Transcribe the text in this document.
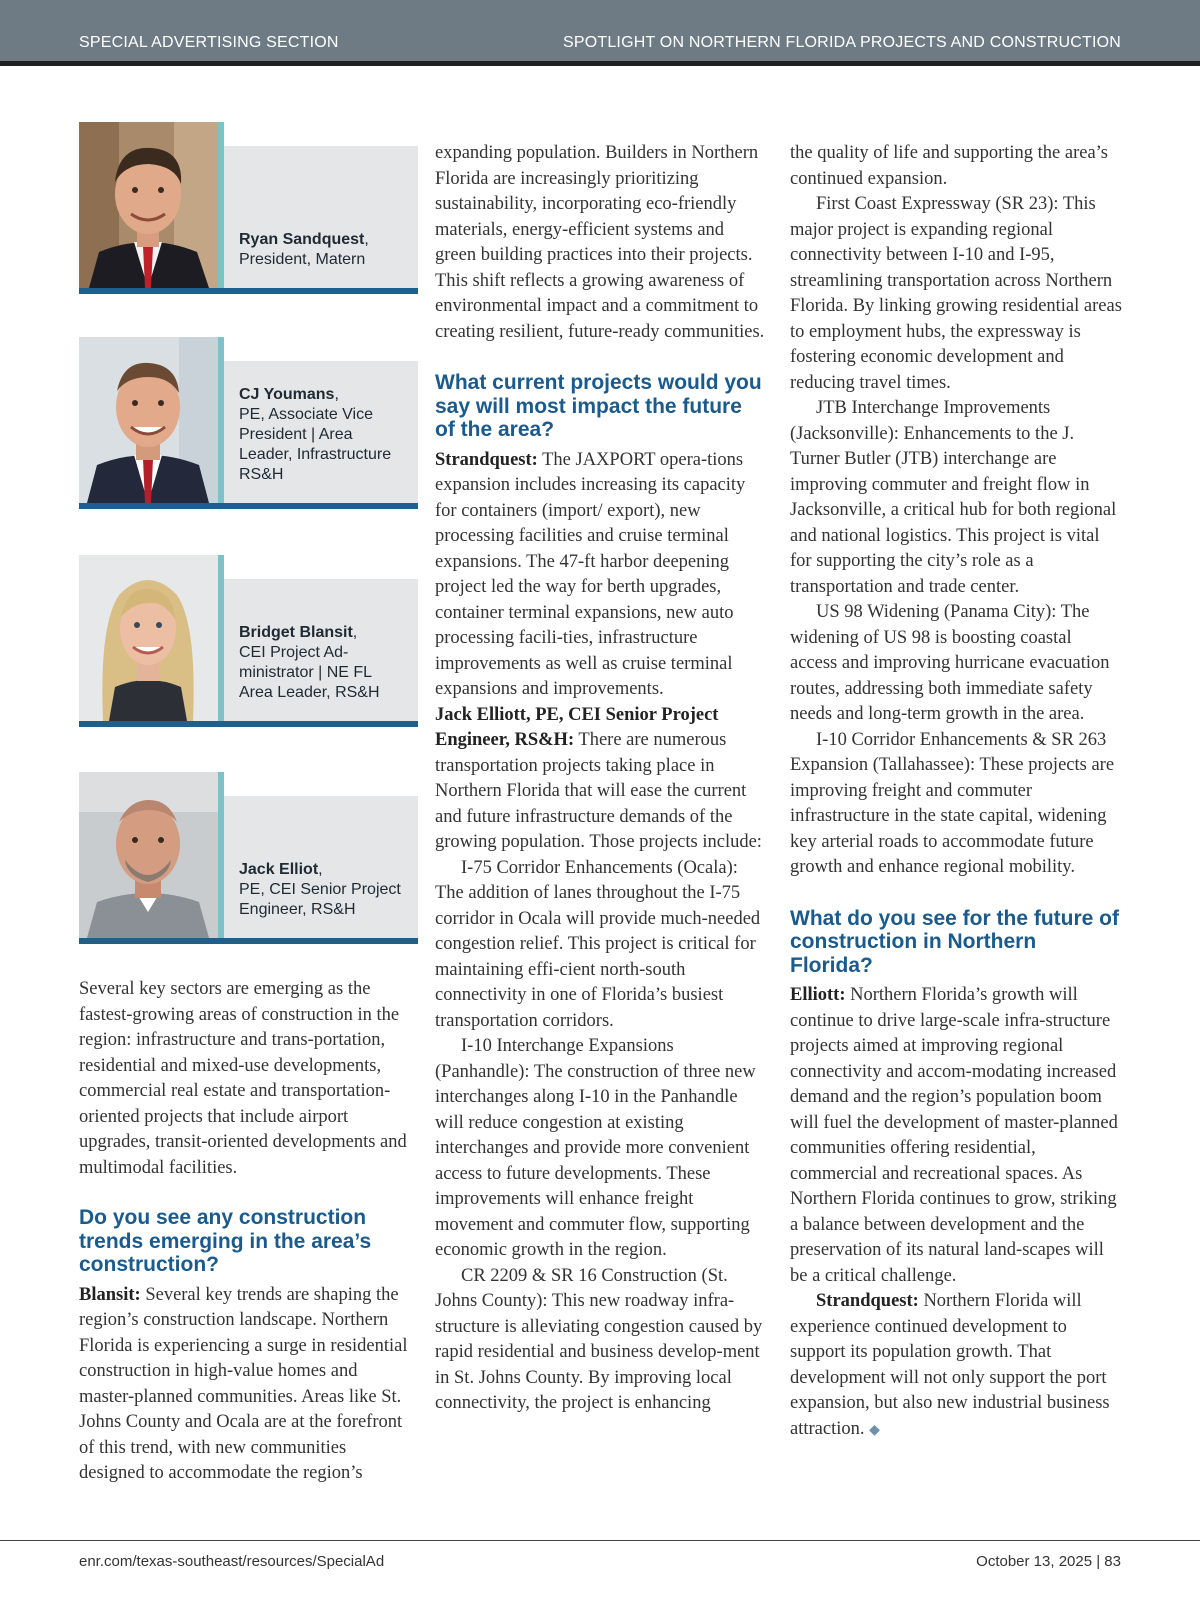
SPECIAL ADVERTISING SECTION	SPOTLIGHT ON NORTHERN FLORIDA PROJECTS AND CONSTRUCTION
Ryan Sandquest,
President, Matern
CJ Youmans,
PE, Associate Vice
President | Area
Leader, Infrastructure
RS&H
Bridget Blansit,
CEI Project Ad-
ministrator | NE FL
Area Leader, RS&H
Jack Elliot,
PE, CEI Senior Project
Engineer, RS&H

Several key sectors are emerging as the fastest-growing areas of construction in the region: infrastructure and trans-portation, residential and mixed-use developments, commercial real estate and transportation-oriented projects that include airport upgrades, transit-oriented developments and multimodal facilities.

Do you see any construction trends emerging in the area’s construction?

Blansit: Several key trends are shaping the region’s construction landscape. Northern Florida is experiencing a surge in residential construction in high-value homes and master-planned communities. Areas like St. Johns County and Ocala are at the forefront of this trend, with new communities designed to accommodate the region’s

expanding population. Builders in Northern Florida are increasingly prioritizing sustainability, incorporating eco-friendly materials, energy-efficient systems and green building practices into their projects. This shift reflects a growing awareness of environmental impact and a commitment to creating resilient, future-ready communities.

What current projects would you say will most impact the future of the area?

Strandquest: The JAXPORT opera-tions expansion includes increasing its capacity for containers (import/ export), new processing facilities and cruise terminal expansions. The 47-ft harbor deepening project led the way for berth upgrades, container terminal expansions, new auto processing facili-ties, infrastructure improvements as well as cruise terminal expansions and improvements.

Jack Elliott, PE, CEI Senior Project Engineer, RS&H: There are numerous transportation projects taking place in Northern Florida that will ease the current and future infrastructure demands of the growing population. Those projects include:

I-75 Corridor Enhancements (Ocala): The addition of lanes throughout the I-75 corridor in Ocala will provide much-needed congestion relief. This project is critical for maintaining effi-cient north-south connectivity in one of Florida’s busiest transportation corridors.

I-10 Interchange Expansions (Panhandle): The construction of three new interchanges along I-10 in the Panhandle will reduce congestion at existing interchanges and provide more convenient access to future developments. These improvements will enhance freight movement and commuter flow, supporting economic growth in the region.

CR 2209 & SR 16 Construction (St. Johns County): This new roadway infra-structure is alleviating congestion caused by rapid residential and business develop-ment in St. Johns County. By improving local connectivity, the project is enhancing

the quality of life and supporting the area’s continued expansion.

First Coast Expressway (SR 23): This major project is expanding regional connectivity between I-10 and I-95, streamlining transportation across Northern Florida. By linking growing residential areas to employment hubs, the expressway is fostering economic development and reducing travel times.

JTB Interchange Improvements (Jacksonville): Enhancements to the J. Turner Butler (JTB) interchange are improving commuter and freight flow in Jacksonville, a critical hub for both regional and national logistics. This project is vital for supporting the city’s role as a transportation and trade center.

US 98 Widening (Panama City): The widening of US 98 is boosting coastal access and improving hurricane evacuation routes, addressing both immediate safety needs and long-term growth in the area.

I-10 Corridor Enhancements & SR 263 Expansion (Tallahassee): These projects are improving freight and commuter infrastructure in the state capital, widening key arterial roads to accommodate future growth and enhance regional mobility.

What do you see for the future of construction in Northern Florida?

Elliott: Northern Florida’s growth will continue to drive large-scale infra-structure projects aimed at improving regional connectivity and accom-modating increased demand and the region’s population boom will fuel the development of master-planned communities offering residential, commercial and recreational spaces. As Northern Florida continues to grow, striking a balance between development and the preservation of its natural land-scapes will be a critical challenge.

Strandquest: Northern Florida will experience continued development to support its population growth. That development will not only support the port expansion, but also new industrial business attraction. ◆

enr.com/texas-southeast/resources/SpecialAd	October 13, 2025 | 83
